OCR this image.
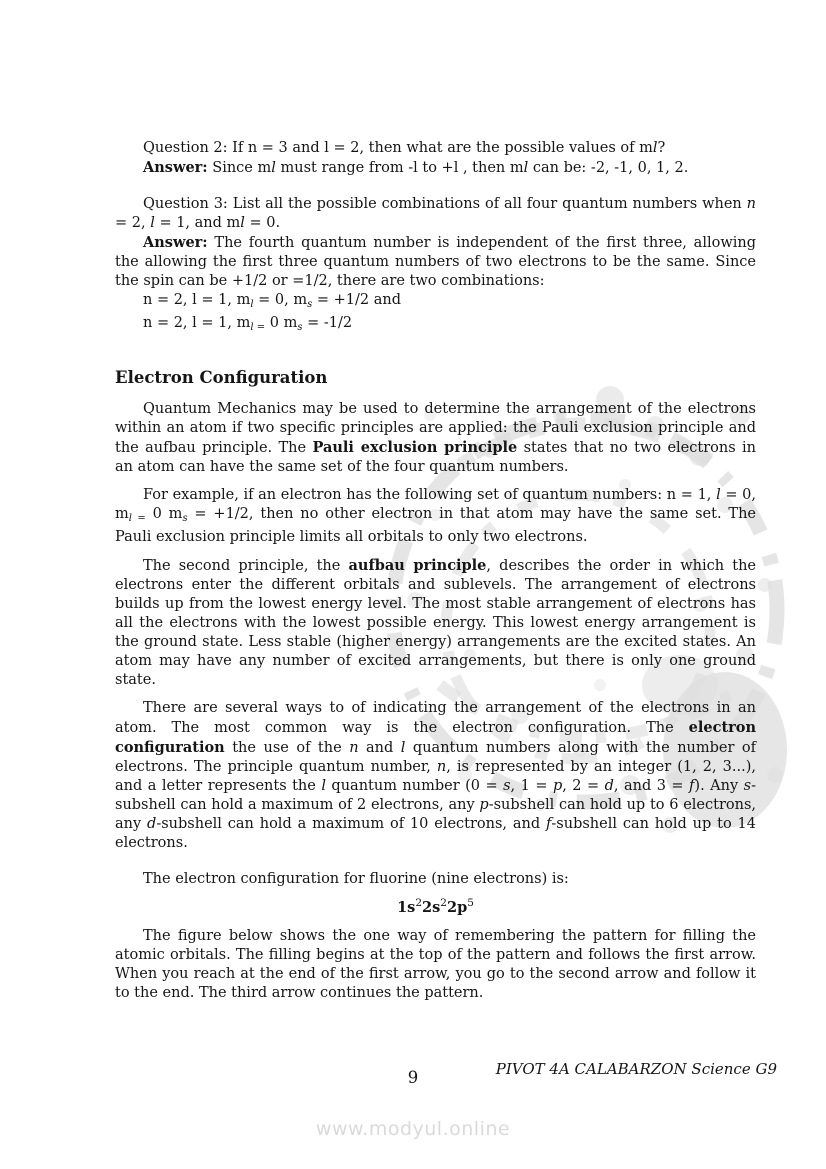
Question 2: If n = 3 and l = 2, then what are the possible values of ml?

Answer: Since ml must range from -l to +l , then ml can be: -2, -1, 0, 1, 2.

Question 3: List all the possible combinations of all four quantum numbers when n = 2, l = 1, and ml = 0.

Answer: The fourth quantum number is independent of the first three, allowing the allowing the first three quantum numbers of two electrons to be the same. Since the spin can be +1/2 or =1/2, there are two combinations:

n = 2, l = 1, $m_l = 0$, $m_s = +1/2$ and

n = 2, l = 1, $m_{l =}$ 0 $m_s = -1/2$

Electron Configuration

Quantum Mechanics may be used to determine the arrangement of the electrons within an atom if two specific principles are applied: the Pauli exclusion principle and the aufbau principle. The Pauli exclusion principle states that no two electrons in an atom can have the same set of the four quantum numbers.

For example, if an electron has the following set of quantum numbers: n = 1, l = 0, $m_{l =}$ 0 $m_s = +1/2$, then no other electron in that atom may have the same set. The Pauli exclusion principle limits all orbitals to only two electrons.

The second principle, the aufbau principle, describes the order in which the electrons enter the different orbitals and sublevels. The arrangement of electrons builds up from the lowest energy level. The most stable arrangement of electrons has all the electrons with the lowest possible energy. This lowest energy arrangement is the ground state. Less stable (higher energy) arrangements are the excited states. An atom may have any number of excited arrangements, but there is only one ground state.

There are several ways to of indicating the arrangement of the electrons in an atom. The most common way is the electron configuration. The electron configuration the use of the n and l quantum numbers along with the number of electrons. The principle quantum number, n, is represented by an integer (1, 2, 3...), and a letter represents the l quantum number (0 = s, 1 = p, 2 = d, and 3 = f). Any s-subshell can hold a maximum of 2 electrons, any p-subshell can hold up to 6 electrons, any d-subshell can hold a maximum of 10 electrons, and f-subshell can hold up to 14 electrons.

The electron configuration for fluorine (nine electrons) is:

$1s^22s^22p^5$

The figure below shows the one way of remembering the pattern for filling the atomic orbitals. The filling begins at the top of the pattern and follows the first arrow. When you reach at the end of the first arrow, you go to the second arrow and follow it to the end. The third arrow continues the pattern.

9	PIVOT 4A CALABARZON Science G9
www.modyul.online
